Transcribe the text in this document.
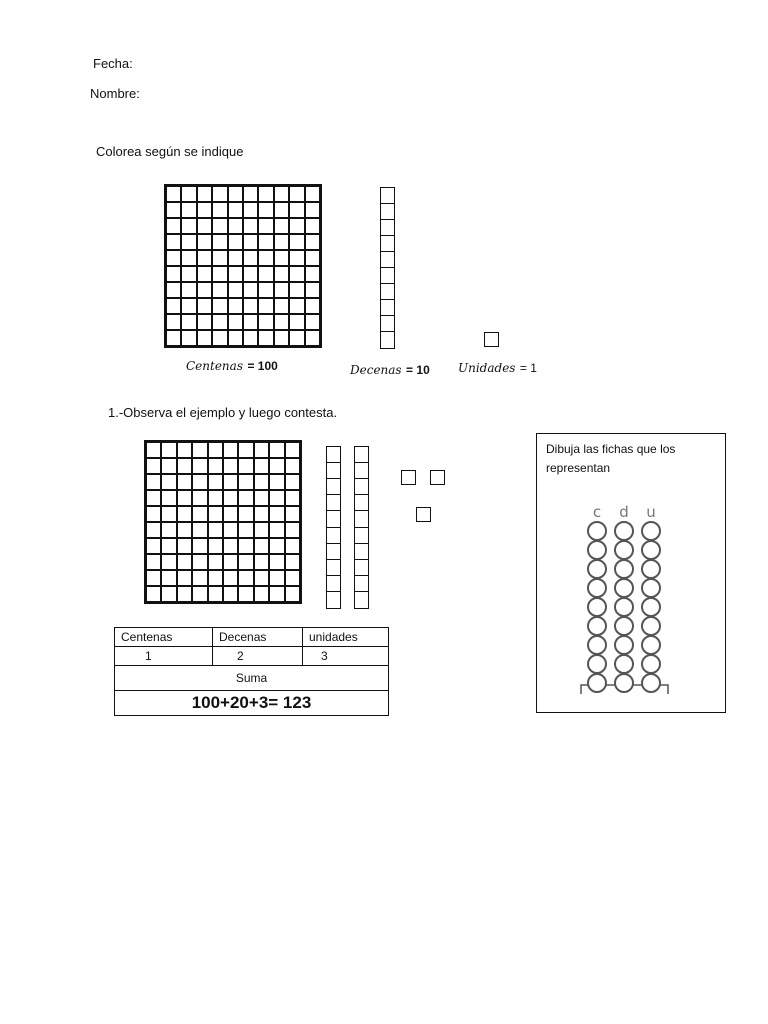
Fecha:
Nombre:
Colorea según se indique
Centenas = 100	Decenas = 10 Unidades = 1
1.-Observa el ejemplo y luego contesta.
Centenas	Decenas	unidades
1	2	3
Suma		
100+20+3= 123		
Dibuja las fichas que los
representan
c d u
